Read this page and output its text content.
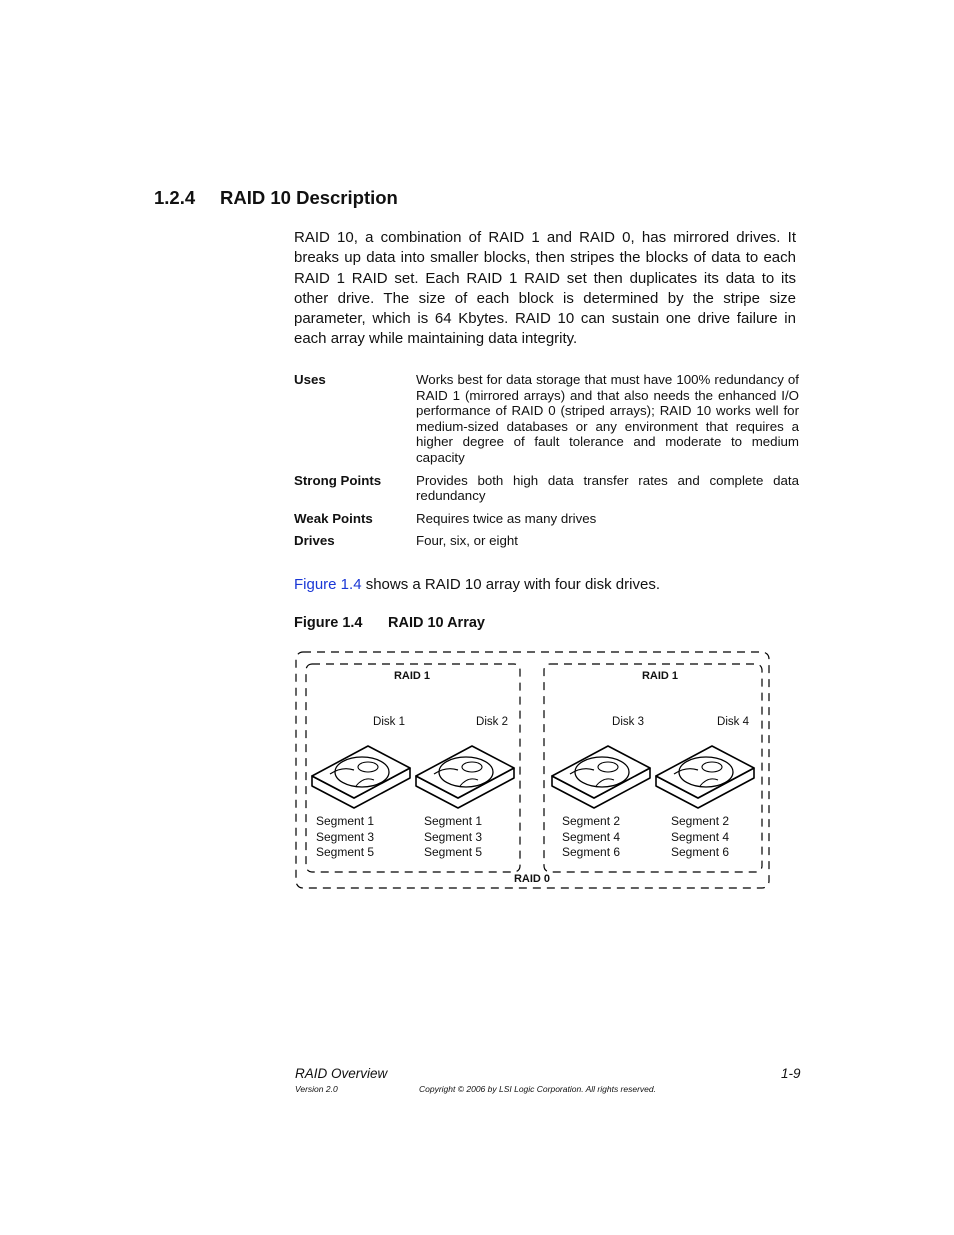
1.2.4 RAID 10 Description
RAID 10, a combination of RAID 1 and RAID 0, has mirrored drives. It breaks up data into smaller blocks, then stripes the blocks of data to each RAID 1 RAID set. Each RAID 1 RAID set then duplicates its data to its other drive. The size of each block is determined by the stripe size parameter, which is 64 Kbytes. RAID 10 can sustain one drive failure in each array while maintaining data integrity.
Uses	Works best for data storage that must have 100% redundancy of RAID 1 (mirrored arrays) and that also needs the enhanced I/O performance of RAID 0 (striped arrays); RAID 10 works well for medium-sized databases or any environment that requires a higher degree of fault tolerance and moderate to medium capacity
Strong Points	Provides both high data transfer rates and complete data redundancy
Weak Points	Requires twice as many drives
Drives	Four, six, or eight
Figure 1.4 shows a RAID 10 array with four disk drives.
Figure 1.4 RAID 10 Array
RAID 1	RAID 1
Disk 1	Disk 2	Disk 3	Disk 4
Segment 1
Segment 3
Segment 5
Segment 1
Segment 3
Segment 5
Segment 2
Segment 4
Segment 6
Segment 2
Segment 4
Segment 6
RAID 0
RAID Overview	1-9
Version 2.0	Copyright © 2006 by LSI Logic Corporation. All rights reserved.
